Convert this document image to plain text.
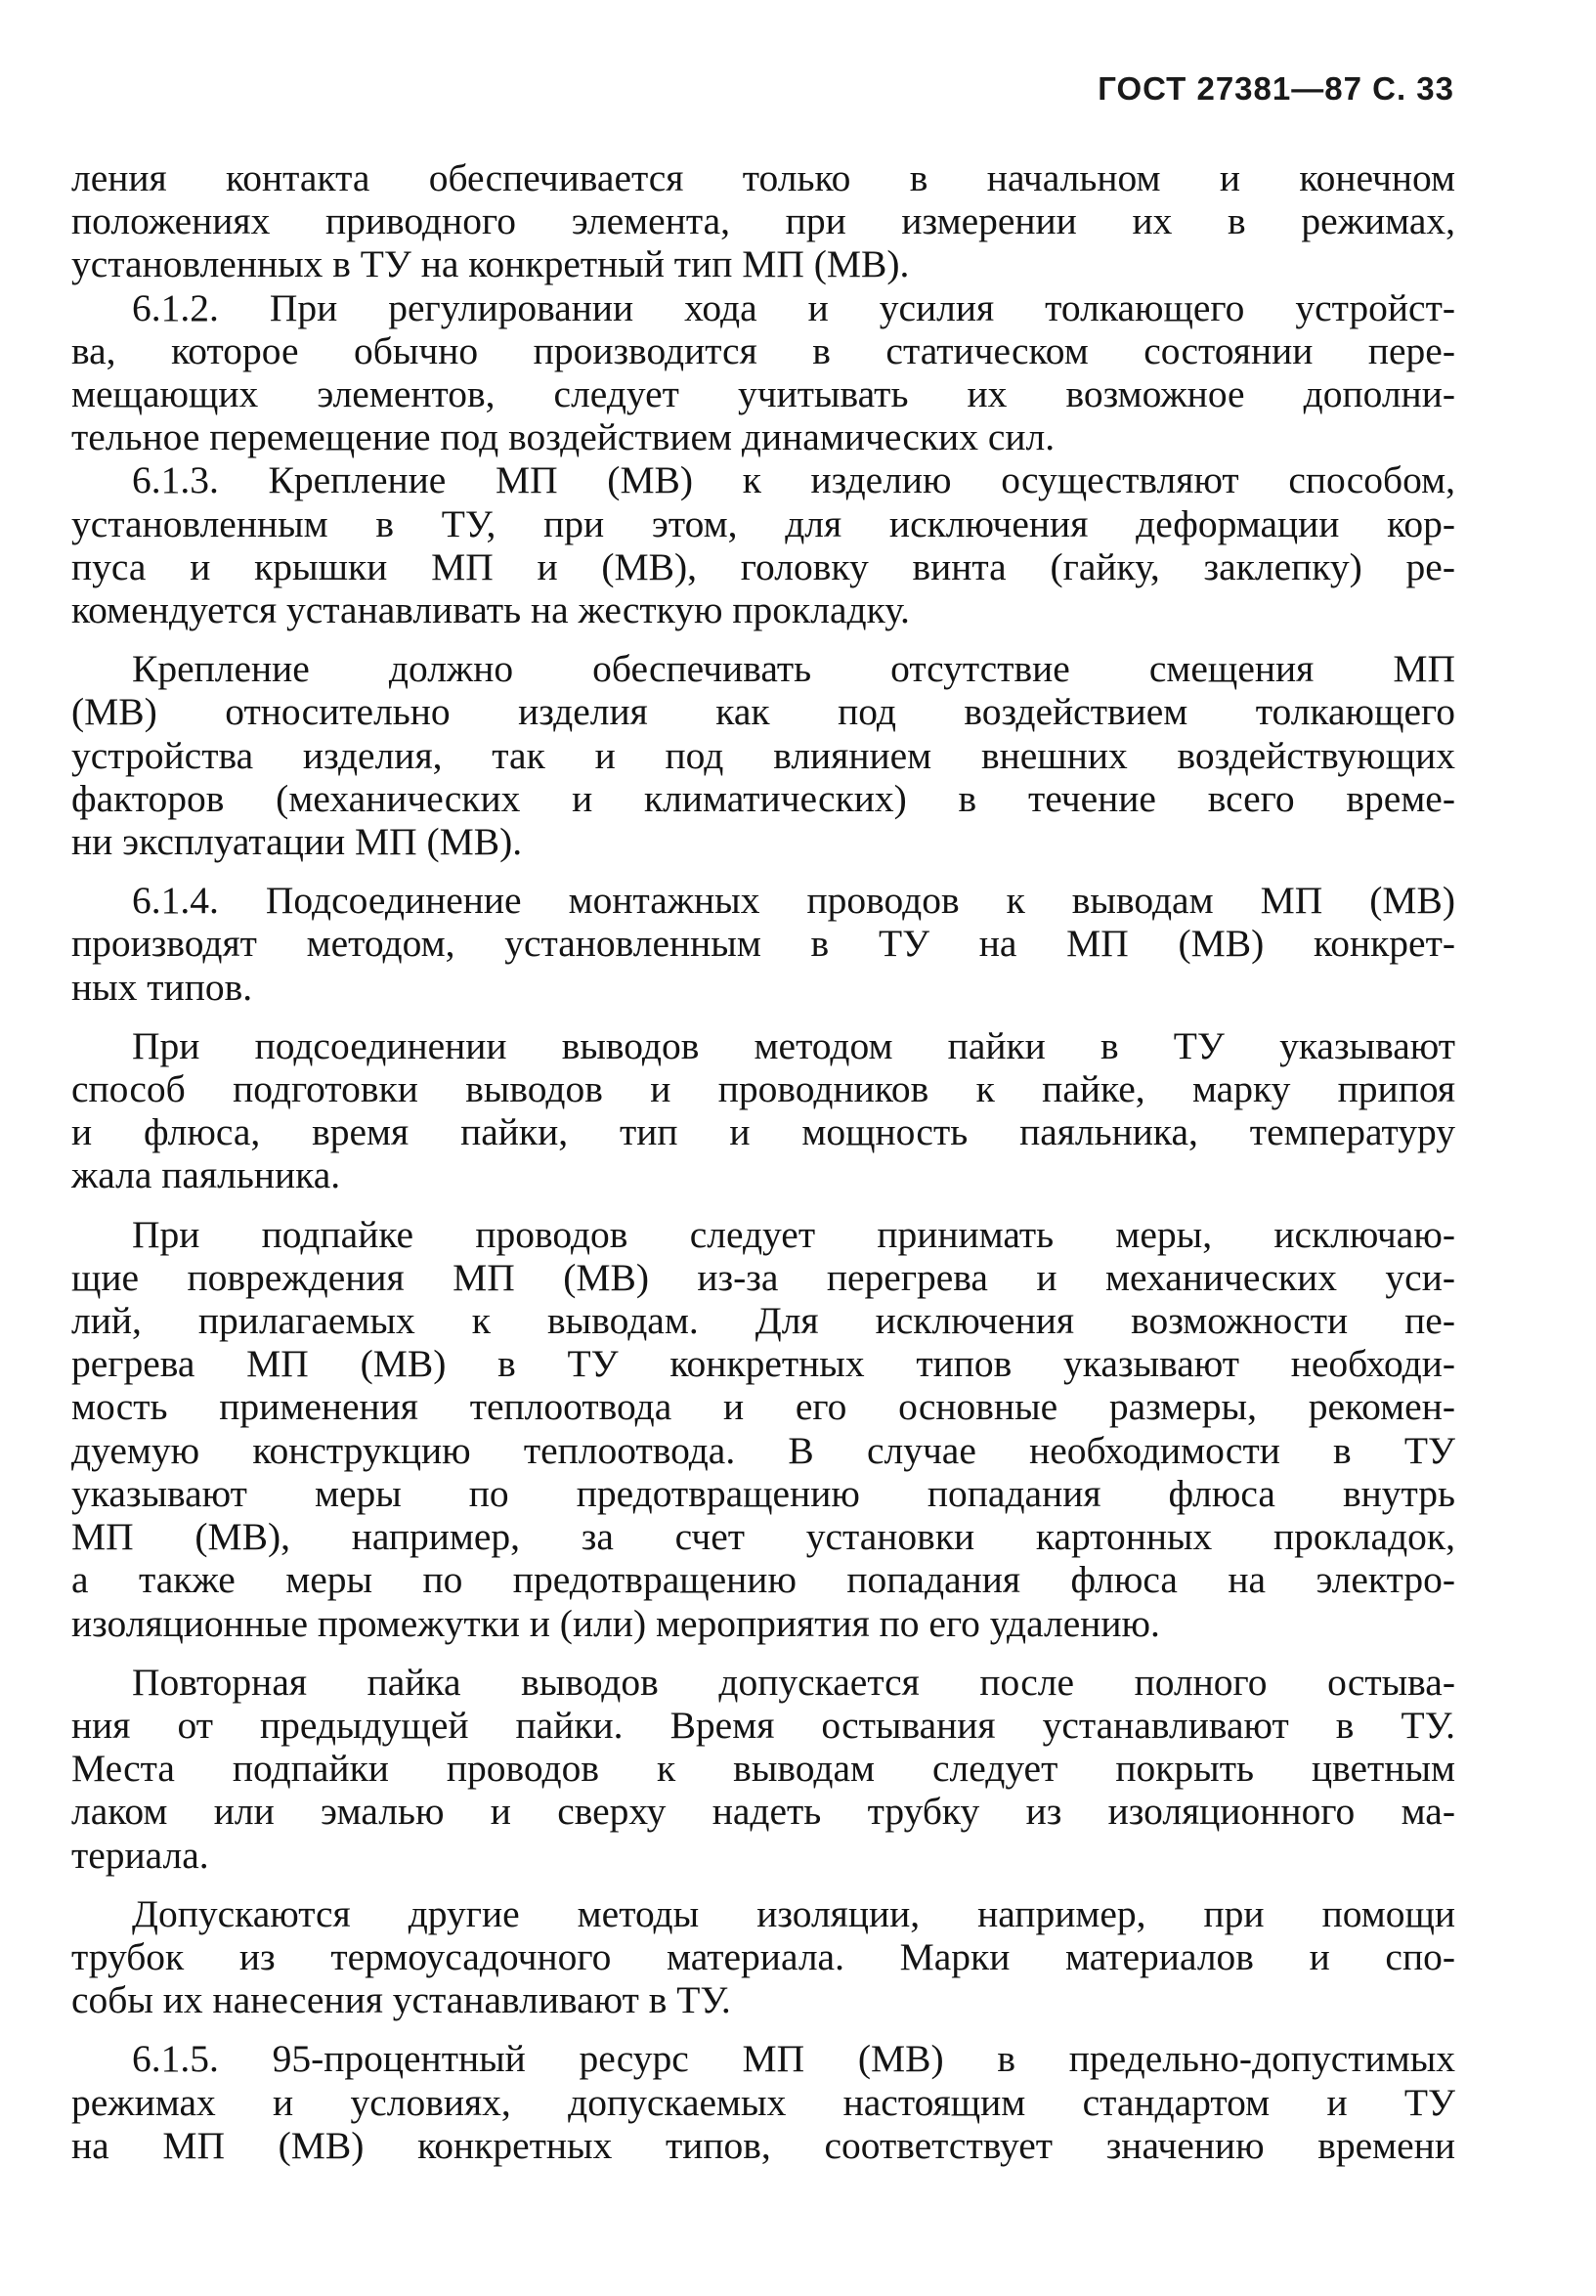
ГОСТ 27381—87 С. 33

ления контакта обеспечивается только в начальном и конечном
положениях приводного элемента, при измерении их в режимах,
установленных в ТУ на конкретный тип МП (МВ).

6.1.2. При регулировании хода и усилия толкающего устройст-
ва, которое обычно производится в статическом состоянии пере-
мещающих элементов, следует учитывать их возможное дополни-
тельное перемещение под воздействием динамических сил.

6.1.3. Крепление МП (МВ) к изделию осуществляют способом,
установленным в ТУ, при этом, для исключения деформации кор-
пуса и крышки МП и (МВ), головку винта (гайку, заклепку) ре-
комендуется устанавливать на жесткую прокладку.

Крепление должно обеспечивать отсутствие смещения МП
(МВ) относительно изделия как под воздействием толкающего
устройства изделия, так и под влиянием внешних воздействующих
факторов (механических и климатических) в течение всего време-
ни эксплуатации МП (МВ).

6.1.4. Подсоединение монтажных проводов к выводам МП (МВ)
производят методом, установленным в ТУ на МП (МВ) конкрет-
ных типов.

При подсоединении выводов методом пайки в ТУ указывают
способ подготовки выводов и проводников к пайке, марку припоя
и флюса, время пайки, тип и мощность паяльника, температуру
жала паяльника.

При подпайке проводов следует принимать меры, исключаю-
щие повреждения МП (МВ) из-за перегрева и механических уси-
лий, прилагаемых к выводам. Для исключения возможности пе-
регрева МП (МВ) в ТУ конкретных типов указывают необходи-
мость применения теплоотвода и его основные размеры, рекомен-
дуемую конструкцию теплоотвода. В случае необходимости в ТУ
указывают меры по предотвращению попадания флюса внутрь
МП (МВ), например, за счет установки картонных прокладок,
а также меры по предотвращению попадания флюса на электро-
изоляционные промежутки и (или) мероприятия по его удалению.

Повторная пайка выводов допускается после полного остыва-
ния от предыдущей пайки. Время остывания устанавливают в ТУ.
Места подпайки проводов к выводам следует покрыть цветным
лаком или эмалью и сверху надеть трубку из изоляционного ма-
териала.

Допускаются другие методы изоляции, например, при помощи
трубок из термоусадочного материала. Марки материалов и спо-
собы их нанесения устанавливают в ТУ.

6.1.5. 95-процентный ресурс МП (МВ) в предельно-допустимых
режимах и условиях, допускаемых настоящим стандартом и ТУ
на МП (МВ) конкретных типов, соответствует значению времени
